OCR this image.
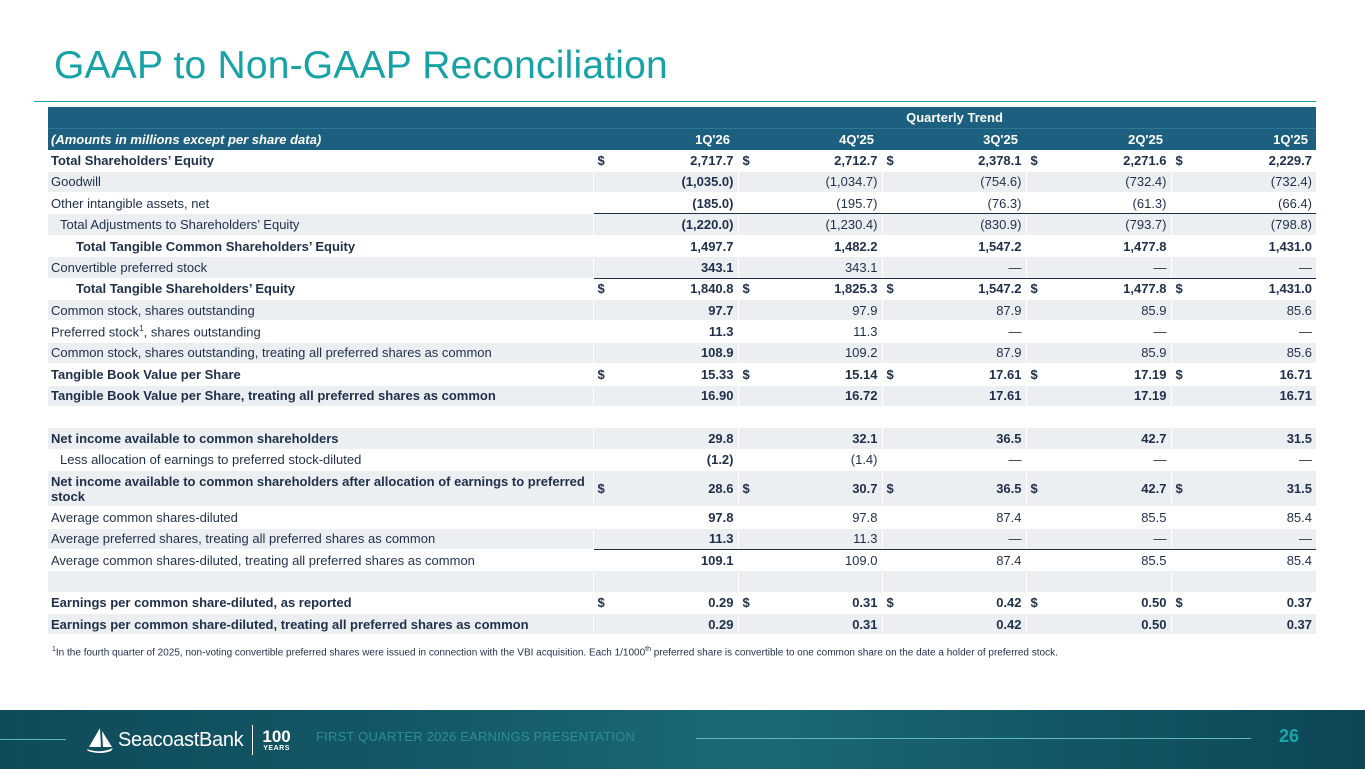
GAAP to Non-GAAP Reconciliation
	Quarterly Trend				
(Amounts in millions except per share data)	1Q'26	4Q'25	3Q'25	2Q'25	1Q'25
Total Shareholders’ Equity	$ 2,717.7	$ 2,712.7	$ 2,378.1	$ 2,271.6	$ 2,229.7

Goodwill	(1,035.0)	(1,034.7)	(754.6)	(732.4)	(732.4)

Other intangible assets, net	(185.0)	(195.7)	(76.3)	(61.3)	(66.4)

Total Adjustments to Shareholders’ Equity	(1,220.0)	(1,230.4)	(830.9)	(793.7)	(798.8)

Total Tangible Common Shareholders’ Equity	1,497.7	1,482.2	1,547.2	1,477.8	1,431.0

Convertible preferred stock	343.1	343.1	—	—	—

Total Tangible Shareholders’ Equity	$ 1,840.8	$ 1,825.3	$ 1,547.2	$ 1,477.8	$ 1,431.0

Common stock, shares outstanding	97.7	97.9	87.9	85.9	85.6

Preferred stock$^1$, shares outstanding	11.3	11.3	—	—	—

Common stock, shares outstanding, treating all preferred shares as common	108.9	109.2	87.9	85.9	85.6

Tangible Book Value per Share	$ 15.33	$ 15.14	$ 17.61	$ 17.19	$ 16.71

Tangible Book Value per Share, treating all preferred shares as common	16.90	16.72	17.61	17.19	16.71

Net income available to common shareholders	29.8	32.1	36.5	42.7	31.5

Less allocation of earnings to preferred stock-diluted	(1.2)	(1.4)	—	—	—

Net income available to common shareholders after allocation of earnings to preferred stock	$ 28.6	$ 30.7	$ 36.5	$ 42.7	$ 31.5

Average common shares-diluted	97.8	97.8	87.4	85.5	85.4

Average preferred shares, treating all preferred shares as common	11.3	11.3	—	—	—

Average common shares-diluted, treating all preferred shares as common	109.1	109.0	87.4	85.5	85.4

Earnings per common share-diluted, as reported	$ 0.29	$ 0.31	$ 0.42	$ 0.50	$ 0.37

Earnings per common share-diluted, treating all preferred shares as common	0.29	0.31	0.42	0.50	0.37
$^1$In the fourth quarter of 2025, non-voting convertible preferred shares were issued in connection with the VBI acquisition. Each 1/1000th preferred share is convertible to one common share on the date a holder of preferred stock.
SeacoastBank 100
YEARS
FIRST QUARTER 2026 EARNINGS PRESENTATION	26
